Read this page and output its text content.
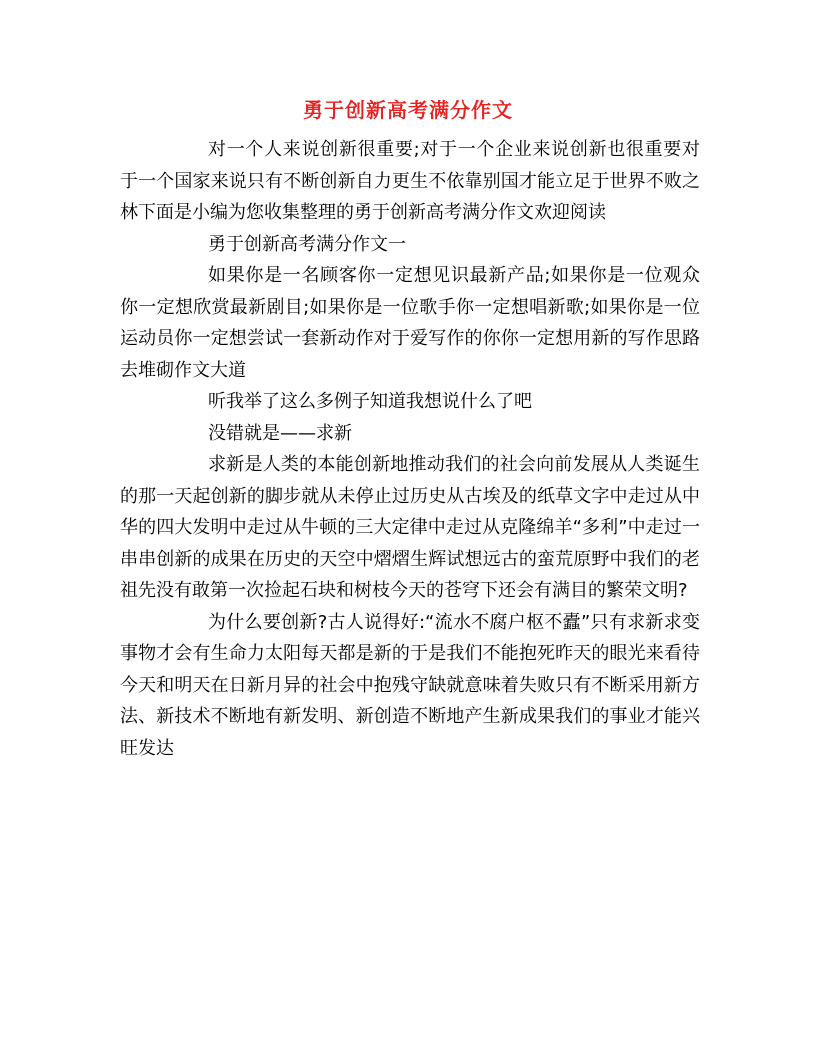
勇于创新高考满分作文

对一个人来说创新很重要;对于一个企业来说创新也很重要对于一个国家来说只有不断创新自力更生不依靠别国才能立足于世界不败之林下面是小编为您收集整理的勇于创新高考满分作文欢迎阅读

勇于创新高考满分作文一

如果你是一名顾客你一定想见识最新产品;如果你是一位观众你一定想欣赏最新剧目;如果你是一位歌手你一定想唱新歌;如果你是一位运动员你一定想尝试一套新动作对于爱写作的你你一定想用新的写作思路去堆砌作文大道

听我举了这么多例子知道我想说什么了吧

没错就是——求新

求新是人类的本能创新地推动我们的社会向前发展从人类诞生的那一天起创新的脚步就从未停止过历史从古埃及的纸草文字中走过从中华的四大发明中走过从牛顿的三大定律中走过从克隆绵羊“多利”中走过一串串创新的成果在历史的天空中熠熠生辉试想远古的蛮荒原野中我们的老祖先没有敢第一次捡起石块和树枝今天的苍穹下还会有满目的繁荣文明?

为什么要创新?古人说得好:“流水不腐户枢不蠹”只有求新求变事物才会有生命力太阳每天都是新的于是我们不能抱死昨天的眼光来看待今天和明天在日新月异的社会中抱残守缺就意味着失败只有不断采用新方法、新技术不断地有新发明、新创造不断地产生新成果我们的事业才能兴旺发达
